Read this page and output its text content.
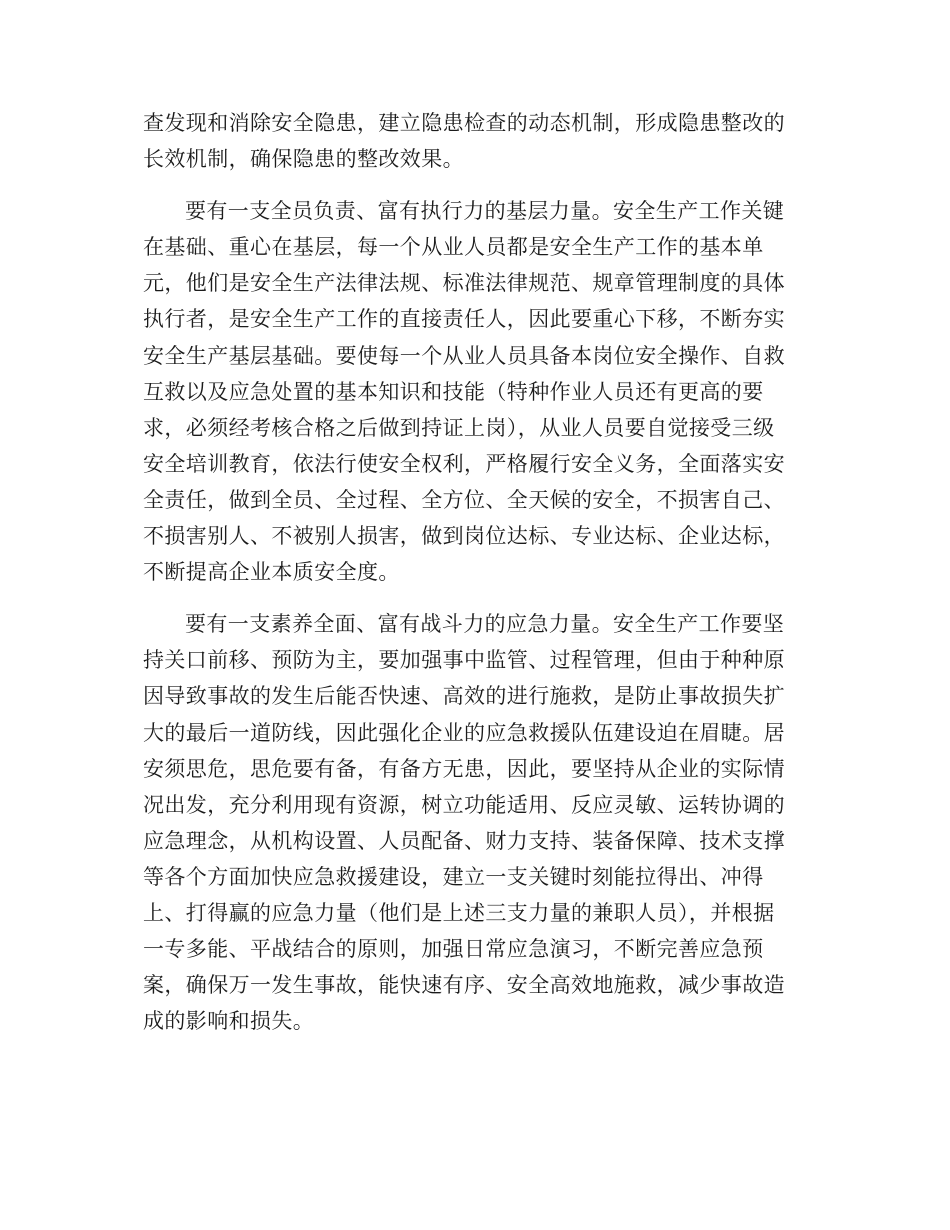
查发现和消除安全隐患，建立隐患检查的动态机制，形成隐患整改的
长效机制，确保隐患的整改效果。
要有一支全员负责、富有执行力的基层力量。安全生产工作关键
在基础、重心在基层，每一个从业人员都是安全生产工作的基本单
元，他们是安全生产法律法规、标准法律规范、规章管理制度的具体
执行者，是安全生产工作的直接责任人，因此要重心下移，不断夯实
安全生产基层基础。要使每一个从业人员具备本岗位安全操作、自救
互救以及应急处置的基本知识和技能（特种作业人员还有更高的要
求，必须经考核合格之后做到持证上岗），从业人员要自觉接受三级
安全培训教育，依法行使安全权利，严格履行安全义务，全面落实安
全责任，做到全员、全过程、全方位、全天候的安全，不损害自己、
不损害别人、不被别人损害，做到岗位达标、专业达标、企业达标，
不断提高企业本质安全度。
要有一支素养全面、富有战斗力的应急力量。安全生产工作要坚
持关口前移、预防为主，要加强事中监管、过程管理，但由于种种原
因导致事故的发生后能否快速、高效的进行施救，是防止事故损失扩
大的最后一道防线，因此强化企业的应急救援队伍建设迫在眉睫。居
安须思危，思危要有备，有备方无患，因此，要坚持从企业的实际情
况出发，充分利用现有资源，树立功能适用、反应灵敏、运转协调的
应急理念，从机构设置、人员配备、财力支持、装备保障、技术支撑
等各个方面加快应急救援建设，建立一支关键时刻能拉得出、冲得
上、打得赢的应急力量（他们是上述三支力量的兼职人员），并根据
一专多能、平战结合的原则，加强日常应急演习，不断完善应急预
案，确保万一发生事故，能快速有序、安全高效地施救，减少事故造
成的影响和损失。
